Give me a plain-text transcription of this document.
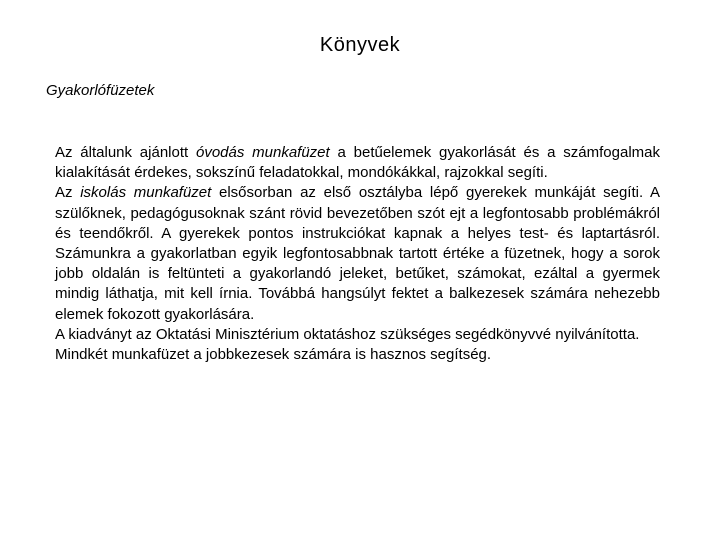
Könyvek
Gyakorlófüzetek

Az általunk ajánlott óvodás munkafüzet a betűelemek gyakorlását és a számfogalmak kialakítását érdekes, sokszínű feladatokkal, mondókákkal, rajzokkal segíti.

Az iskolás munkafüzet elsősorban az első osztályba lépő gyerekek munkáját segíti. A szülőknek, pedagógusoknak szánt rövid bevezetőben szót ejt a legfontosabb problémákról és teendőkről. A gyerekek pontos instrukciókat kapnak a helyes test- és laptartásról. Számunkra a gyakorlatban egyik legfontosabbnak tartott értéke a füzetnek, hogy a sorok jobb oldalán is feltünteti a gyakorlandó jeleket, betűket, számokat, ezáltal a gyermek mindig láthatja, mit kell írnia. Továbbá hangsúlyt fektet a balkezesek számára nehezebb elemek fokozott gyakorlására.

A kiadványt az Oktatási Minisztérium oktatáshoz szükséges segédkönyvvé nyilvánította.

Mindkét munkafüzet a jobbkezesek számára is hasznos segítség.
